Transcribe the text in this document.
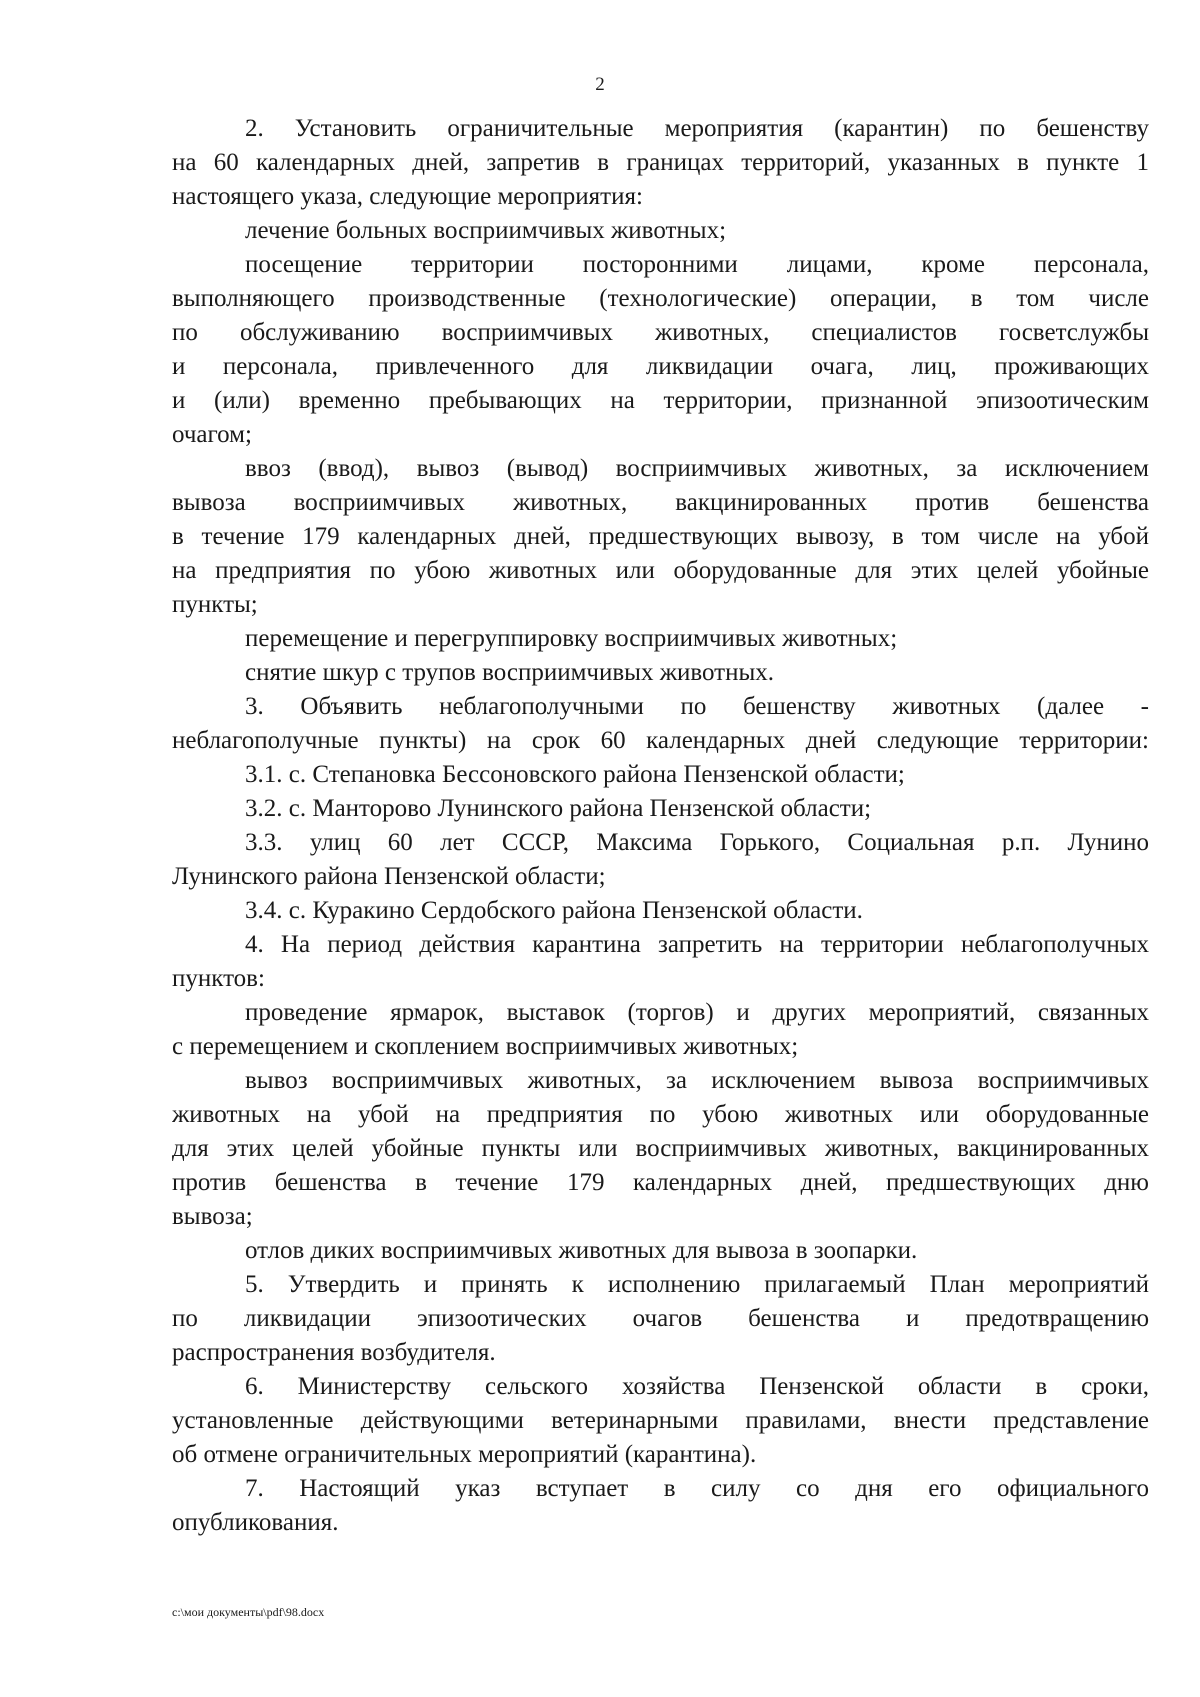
2
2. Установить ограничительные мероприятия (карантин) по бешенству
на 60 календарных дней, запретив в границах территорий, указанных в пункте 1
настоящего указа, следующие мероприятия:
лечение больных восприимчивых животных;
посещение территории посторонними лицами, кроме персонала,
выполняющего производственные (технологические) операции, в том числе
по обслуживанию восприимчивых животных, специалистов госветслужбы
и персонала, привлеченного для ликвидации очага, лиц, проживающих
и (или) временно пребывающих на территории, признанной эпизоотическим
очагом;
ввоз (ввод), вывоз (вывод) восприимчивых животных, за исключением
вывоза восприимчивых животных, вакцинированных против бешенства
в течение 179 календарных дней, предшествующих вывозу, в том числе на убой
на предприятия по убою животных или оборудованные для этих целей убойные
пункты;
перемещение и перегруппировку восприимчивых животных;
снятие шкур с трупов восприимчивых животных.
3. Объявить неблагополучными по бешенству животных (далее -
неблагополучные пункты) на срок 60 календарных дней следующие территории:
3.1. с. Степановка Бессоновского района Пензенской области;
3.2. с. Манторово Лунинского района Пензенской области;
3.3. улиц 60 лет СССР, Максима Горького, Социальная р.п. Лунино
Лунинского района Пензенской области;
3.4. с. Куракино Сердобского района Пензенской области.
4. На период действия карантина запретить на территории неблагополучных
пунктов:
проведение ярмарок, выставок (торгов) и других мероприятий, связанных
с перемещением и скоплением восприимчивых животных;
вывоз восприимчивых животных, за исключением вывоза восприимчивых
животных на убой на предприятия по убою животных или оборудованные
для этих целей убойные пункты или восприимчивых животных, вакцинированных
против бешенства в течение 179 календарных дней, предшествующих дню
вывоза;
отлов диких восприимчивых животных для вывоза в зоопарки.
5. Утвердить и принять к исполнению прилагаемый План мероприятий
по ликвидации эпизоотических очагов бешенства и предотвращению
распространения возбудителя.
6. Министерству сельского хозяйства Пензенской области в сроки,
установленные действующими ветеринарными правилами, внести представление
об отмене ограничительных мероприятий (карантина).
7. Настоящий указ вступает в силу со дня его официального
опубликования.
c:\мои документы\pdf\98.docx
